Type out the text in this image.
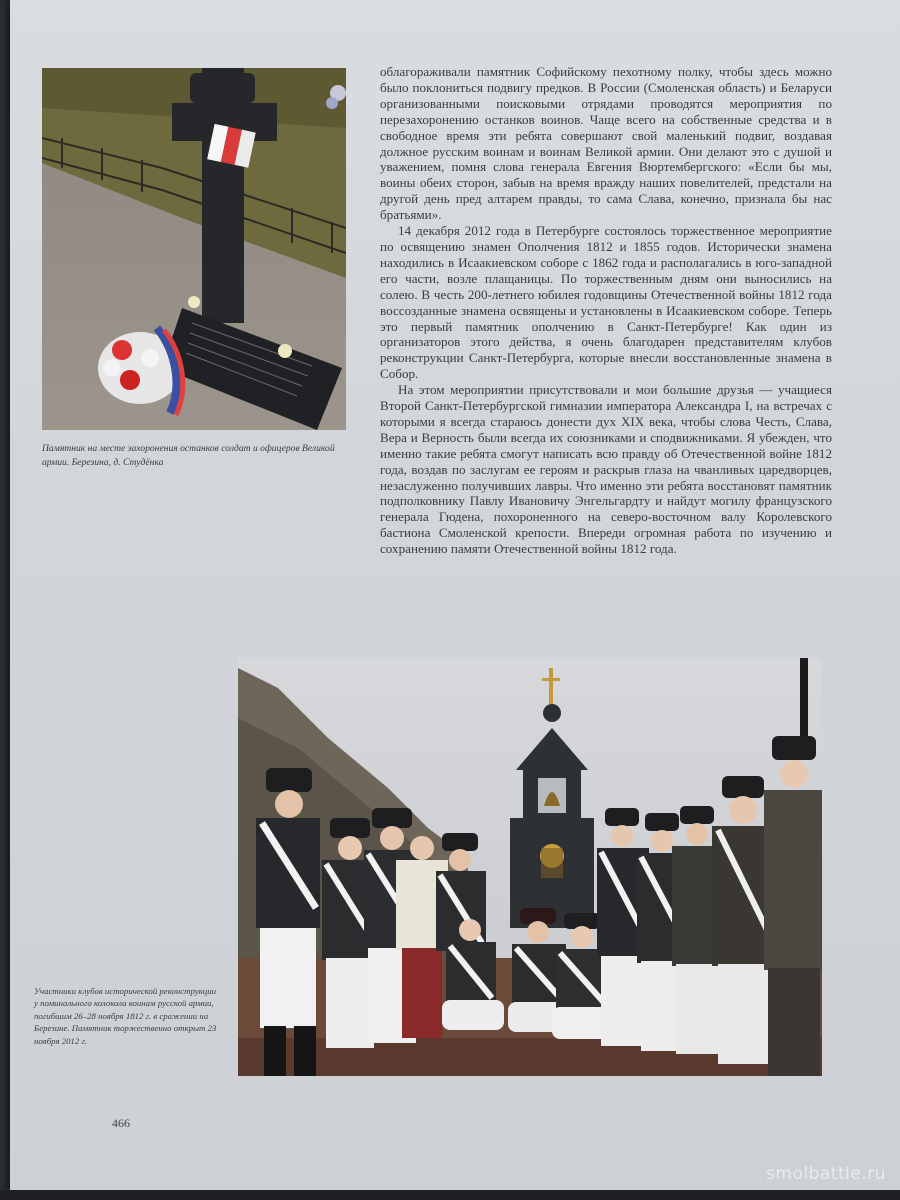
Памятник на месте захоронения останков солдат и офицеров Великой армии. Березина, д. Студёнка

облагораживали памятник Софийскому пехотному полку, чтобы здесь можно было поклониться подвигу предков. В России (Смоленская область) и Беларуси организованными поисковыми отрядами проводятся мероприятия по перезахоронению останков воинов. Чаще всего на собственные средства и в свободное время эти ребята совершают свой маленький подвиг, воздавая должное русским воинам и воинам Великой армии. Они делают это с душой и уважением, помня слова генерала Евгения Вюртембергского: «Если бы мы, воины обеих сторон, забыв на время вражду наших повелителей, предстали на другой день пред алтарем правды, то сама Слава, конечно, признала бы нас братьями».

14 декабря 2012 года в Петербурге состоялось торжественное мероприятие по освящению знамен Ополчения 1812 и 1855 годов. Исторически знамена находились в Исаакиевском соборе с 1862 года и располагались в юго-западной его части, возле плащаницы. По торжественным дням они выносились на солею. В честь 200-летнего юбилея годовщины Отечественной войны 1812 года воссозданные знамена освящены и установлены в Исаакиевском соборе. Теперь это первый памятник ополчению в Санкт-Петербурге! Как один из организаторов этого действа, я очень благодарен представителям клубов реконструкции Санкт-Петербурга, которые внесли восстановленные знамена в Собор.

На этом мероприятии присутствовали и мои большие друзья — учащиеся Второй Санкт-Петербургской гимназии императора Александра I, на встречах с которыми я всегда стараюсь донести дух XIX века, чтобы слова Честь, Слава, Вера и Верность были всегда их союзниками и сподвижниками. Я убежден, что именно такие ребята смогут написать всю правду об Отечественной войне 1812 года, воздав по заслугам ее героям и раскрыв глаза на чванливых царедворцев, незаслуженно получивших лавры. Что именно эти ребята восстановят памятник подполковнику Павлу Ивановичу Энгельгардту и найдут могилу французского генерала Гюдена, похороненного на северо-восточном валу Королевского бастиона Смоленской крепости. Впереди огромная работа по изучению и сохранению памяти Отечественной войны 1812 года.

Участники клубов исторической реконструкции у поминального колокола воинам русской армии, погибшим 26–28 ноября 1812 г. в сражении на Березине. Памятник торжественно открыт 23 ноября 2012 г.
466
smolbattle.ru
